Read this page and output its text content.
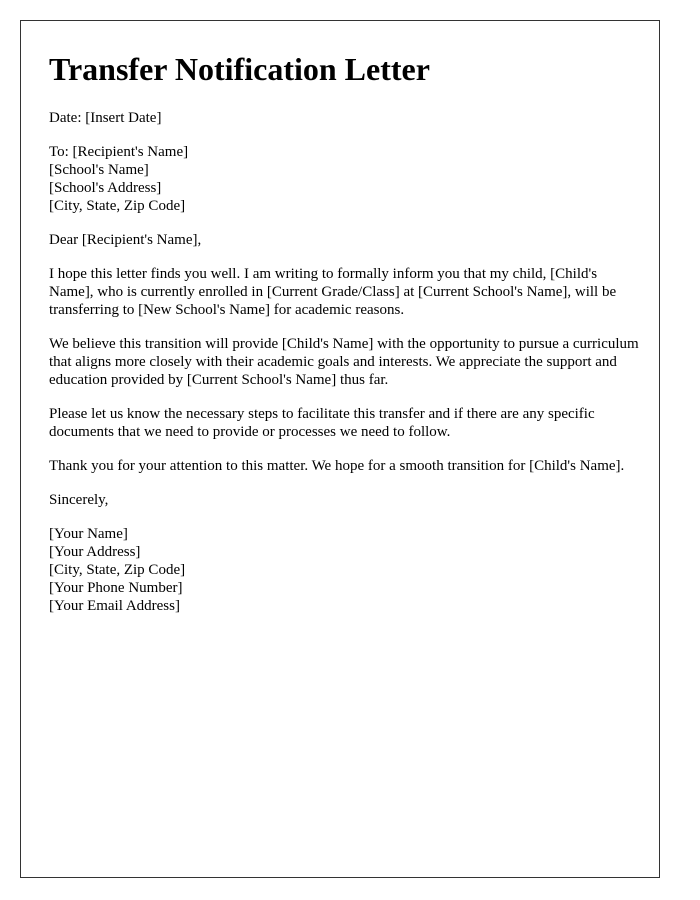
Transfer Notification Letter
Date: [Insert Date]
To: [Recipient's Name]
[School's Name]
[School's Address]
[City, State, Zip Code]
Dear [Recipient's Name],

I hope this letter finds you well. I am writing to formally inform you that my child, [Child's Name], who is currently enrolled in [Current Grade/Class] at [Current School's Name], will be transferring to [New School's Name] for academic reasons.

We believe this transition will provide [Child's Name] with the opportunity to pursue a curriculum that aligns more closely with their academic goals and interests. We appreciate the support and education provided by [Current School's Name] thus far.

Please let us know the necessary steps to facilitate this transfer and if there are any specific documents that we need to provide or processes we need to follow.

Thank you for your attention to this matter. We hope for a smooth transition for [Child's Name].

Sincerely,
[Your Name]
[Your Address]
[City, State, Zip Code]
[Your Phone Number]
[Your Email Address]
